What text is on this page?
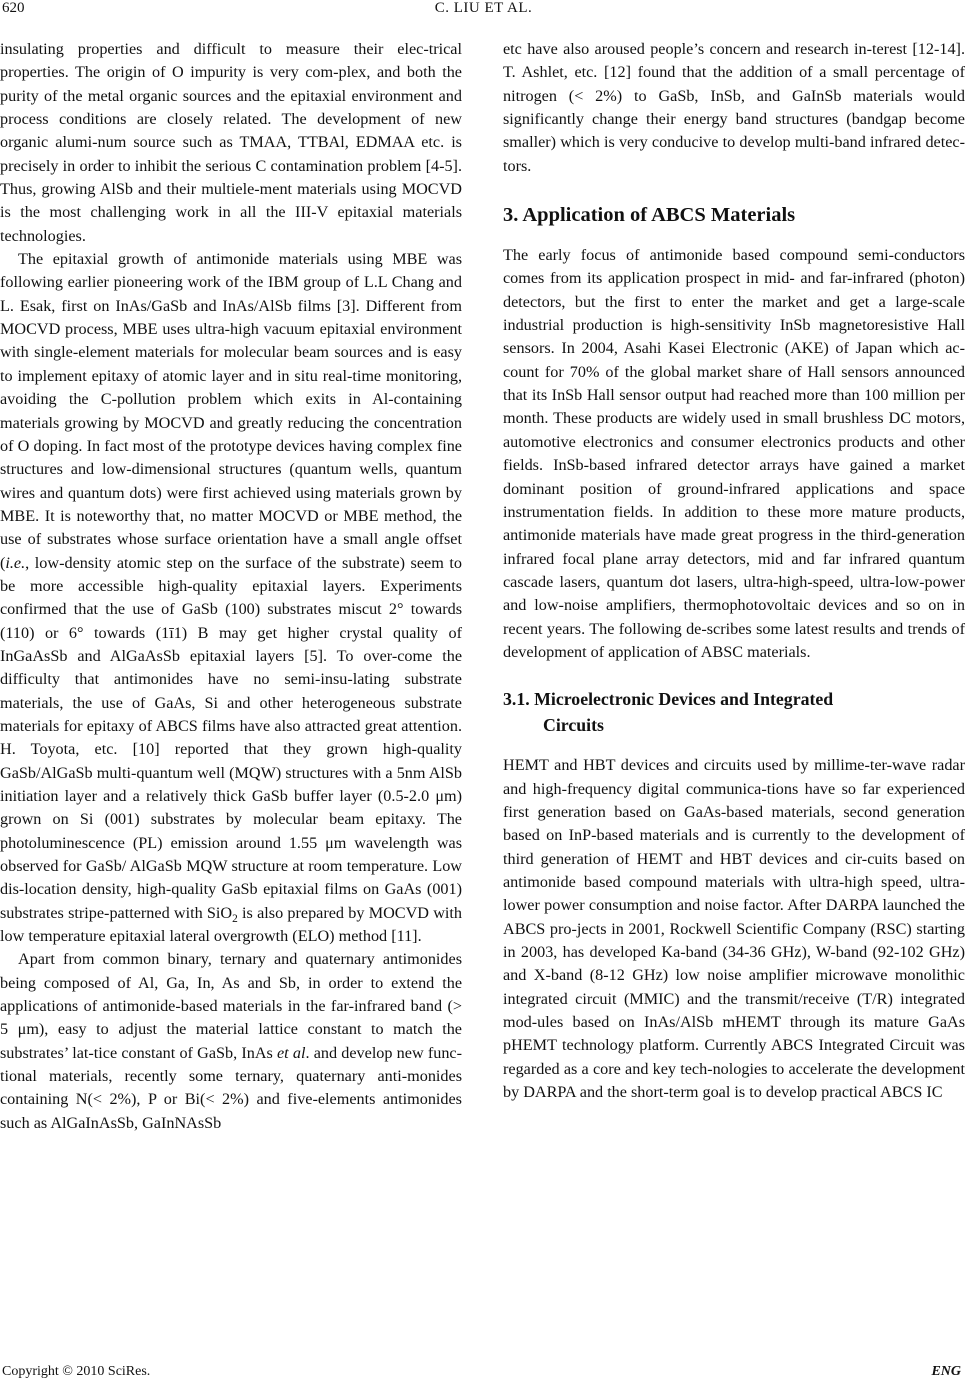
620	C. LIU ET AL.

insulating properties and difficult to measure their elec-trical properties. The origin of O impurity is very com-plex, and both the purity of the metal organic sources and the epitaxial environment and process conditions are closely related. The development of new organic alumi-num source such as TMAA, TTBAl, EDMAA etc. is precisely in order to inhibit the serious C contamination problem [4-5]. Thus, growing AlSb and their multiele-ment materials using MOCVD is the most challenging work in all the III-V epitaxial materials technologies.

The epitaxial growth of antimonide materials using MBE was following earlier pioneering work of the IBM group of L.L Chang and L. Esak, first on InAs/GaSb and InAs/AlSb films [3]. Different from MOCVD process, MBE uses ultra-high vacuum epitaxial environment with single-element materials for molecular beam sources and is easy to implement epitaxy of atomic layer and in situ real-time monitoring, avoiding the C-pollution problem which exits in Al-containing materials growing by MOCVD and greatly reducing the concentration of O doping. In fact most of the prototype devices having complex fine structures and low-dimensional structures (quantum wells, quantum wires and quantum dots) were first achieved using materials grown by MBE. It is noteworthy that, no matter MOCVD or MBE method, the use of substrates whose surface orientation have a small angle offset (i.e., low-density atomic step on the surface of the substrate) seem to be more accessible high-quality epitaxial layers. Experiments confirmed that the use of GaSb (100) substrates miscut 2° towards (110) or 6° towards (1ī1) B may get higher crystal quality of InGaAsSb and AlGaAsSb epitaxial layers [5]. To over-come the difficulty that antimonides have no semi-insu-lating substrate materials, the use of GaAs, Si and other heterogeneous substrate materials for epitaxy of ABCS films have also attracted great attention. H. Toyota, etc. [10] reported that they grown high-quality GaSb/AlGaSb multi-quantum well (MQW) structures with a 5nm AlSb initiation layer and a relatively thick GaSb buffer layer (0.5-2.0 μm) grown on Si (001) substrates by molecular beam epitaxy. The photoluminescence (PL) emission around 1.55 μm wavelength was observed for GaSb/ AlGaSb MQW structure at room temperature. Low dis-location density, high-quality GaSb epitaxial films on GaAs (001) substrates stripe-patterned with SiO$_2$ is also prepared by MOCVD with low temperature epitaxial lateral overgrowth (ELO) method [11].

Apart from common binary, ternary and quaternary antimonides being composed of Al, Ga, In, As and Sb, in order to extend the applications of antimonide-based materials in the far-infrared band (> 5 μm), easy to adjust the material lattice constant to match the substrates’ lat-tice constant of GaSb, InAs et al. and develop new func-tional materials, recently some ternary, quaternary anti-monides containing N(< 2%), P or Bi(< 2%) and five-elements antimonides such as AlGaInAsSb, GaInNAsSb

etc have also aroused people’s concern and research in-terest [12-14]. T. Ashlet, etc. [12] found that the addition of a small percentage of nitrogen (< 2%) to GaSb, InSb, and GaInSb materials would significantly change their energy band structures (bandgap become smaller) which is very conducive to develop multi-band infrared detec-tors.

3. Application of ABCS Materials

The early focus of antimonide based compound semi-conductors comes from its application prospect in mid- and far-infrared (photon) detectors, but the first to enter the market and get a large-scale industrial production is high-sensitivity InSb magnetoresistive Hall sensors. In 2004, Asahi Kasei Electronic (AKE) of Japan which ac-count for 70% of the global market share of Hall sensors announced that its InSb Hall sensor output had reached more than 100 million per month. These products are widely used in small brushless DC motors, automotive electronics and consumer electronics products and other fields. InSb-based infrared detector arrays have gained a market dominant position of ground-infrared applications and space instrumentation fields. In addition to these more mature products, antimonide materials have made great progress in the third-generation infrared focal plane array detectors, mid and far infrared quantum cascade lasers, quantum dot lasers, ultra-high-speed, ultra-low-power and low-noise amplifiers, thermophotovoltaic devices and so on in recent years. The following de-scribes some latest results and trends of development of application of ABSC materials.

3.1. Microelectronic Devices and Integrated
Circuits

HEMT and HBT devices and circuits used by millime-ter-wave radar and high-frequency digital communica-tions have so far experienced first generation based on GaAs-based materials, second generation based on InP-based materials and is currently to the development of third generation of HEMT and HBT devices and cir-cuits based on antimonide based compound materials with ultra-high speed, ultra-lower power consumption and noise factor. After DARPA launched the ABCS pro-jects in 2001, Rockwell Scientific Company (RSC) starting in 2003, has developed Ka-band (34-36 GHz), W-band (92-102 GHz) and X-band (8-12 GHz) low noise amplifier microwave monolithic integrated circuit (MMIC) and the transmit/receive (T/R) integrated mod-ules based on InAs/AlSb mHEMT through its mature GaAs pHEMT technology platform. Currently ABCS Integrated Circuit was regarded as a core and key tech-nologies to accelerate the development by DARPA and the short-term goal is to develop practical ABCS IC

Copyright © 2010 SciRes.	ENG
